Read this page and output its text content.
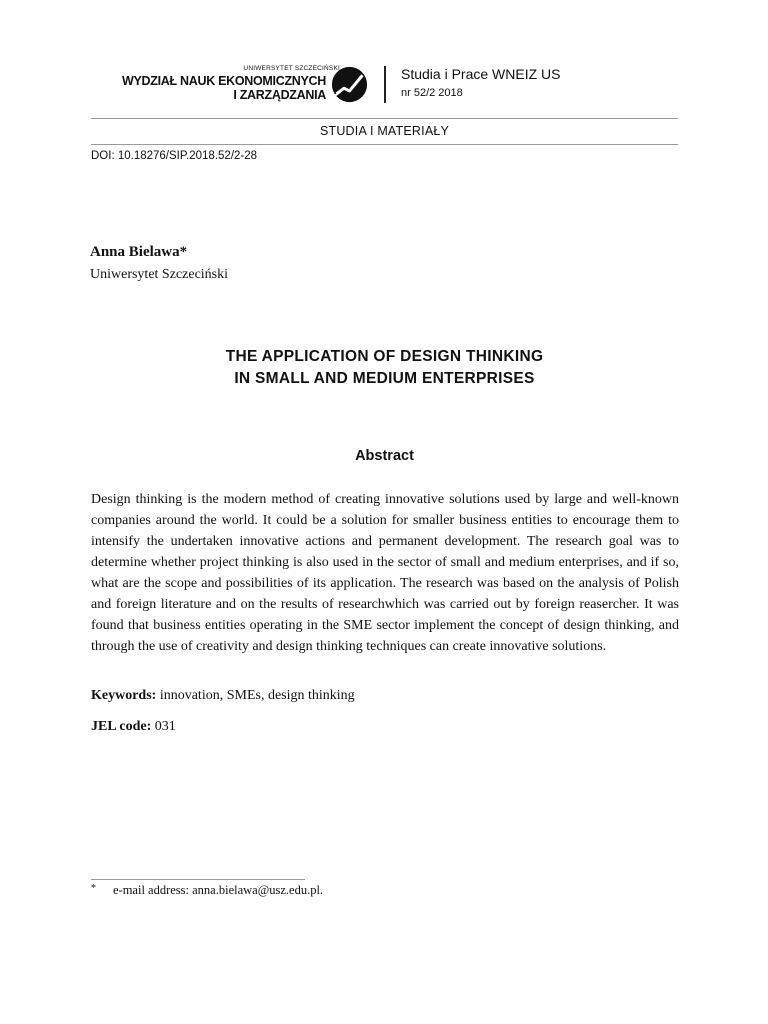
UNIWERSYTET SZCZECIŃSKI
WYDZIAŁ NAUK EKONOMICZNYCH
I ZARZĄDZANIA
Studia i Prace WNEIZ US
nr 52/2 2018
STUDIA I MATERIAŁY
DOI: 10.18276/SIP.2018.52/2-28
Anna Bielawa*
Uniwersytet Szczeciński
THE APPLICATION OF DESIGN THINKING
IN SMALL AND MEDIUM ENTERPRISES
Abstract

Design thinking is the modern method of creating innovative solutions used by large and well-known companies around the world. It could be a solution for smaller business entities to encourage them to intensify the undertaken innovative actions and permanent development. The research goal was to determine whether project thinking is also used in the sector of small and medium enterprises, and if so, what are the scope and possibilities of its application. The research was based on the analysis of Polish and foreign literature and on the results of researchwhich was carried out by foreign reasercher. It was found that business entities operating in the SME sector implement the concept of design thinking, and through the use of creativity and design thinking techniques can create innovative solutions.

Keywords: innovation, SMEs, design thinking
JEL code: 031
* e-mail address: anna.bielawa@usz.edu.pl.
